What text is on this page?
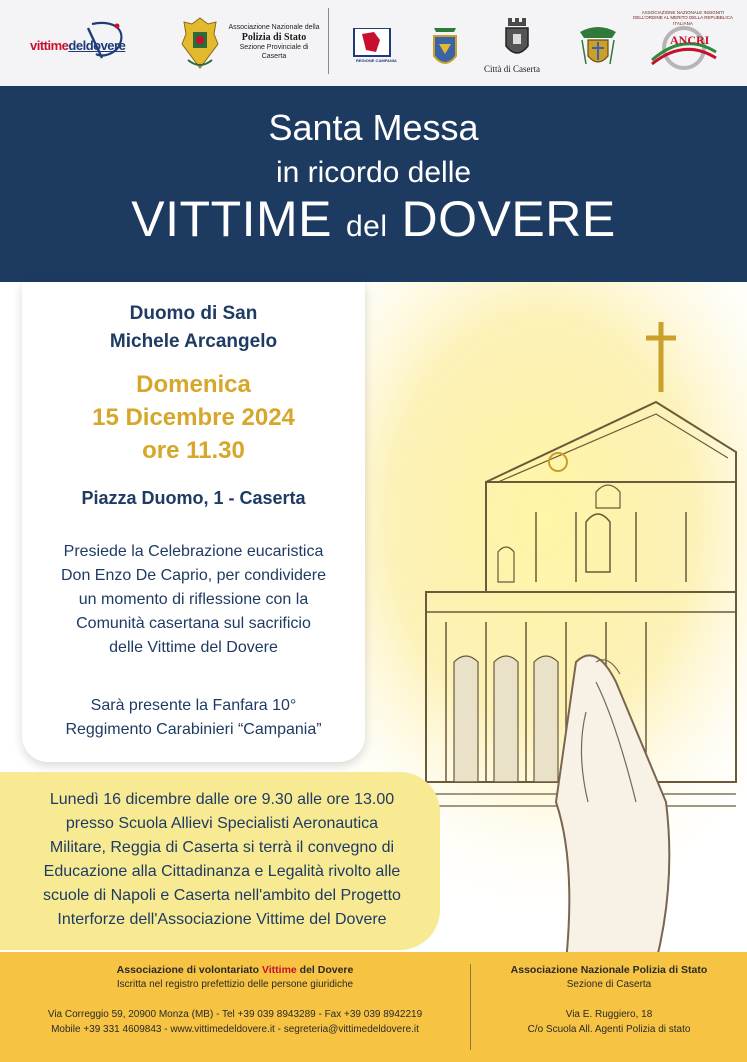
vittimedeldovere
Associazione Nazionale della
Polizia di Stato
Sezione Provinciale di Caserta
REGIONE CAMPANIA
Città di Caserta
ASSOCIAZIONE NAZIONALE INSIGNITI DELL'ORDINE AL MERITO DELLA REPUBBLICA ITALIANA
ANCRI
Santa Messa
in ricordo delle
VITTIME del DOVERE
Duomo di San
Michele Arcangelo
Domenica
15 Dicembre 2024
ore 11.30
Piazza Duomo, 1 - Caserta
Presiede la Celebrazione eucaristica
Don Enzo De Caprio, per condividere
un momento di riflessione con la
Comunità casertana sul sacrificio
delle Vittime del Dovere
Sarà presente la Fanfara 10°
Reggimento Carabinieri “Campania”
Lunedì 16 dicembre dalle ore 9.30 alle ore 13.00
presso Scuola Allievi Specialisti Aeronautica
Militare, Reggia di Caserta si terrà il convegno di
Educazione alla Cittadinanza e Legalità rivolto alle
scuole di Napoli e Caserta nell'ambito del Progetto
Interforze dell'Associazione Vittime del Dovere
Associazione di volontariato Vittime del Dovere
Iscritta nel registro prefettizio delle persone giuridiche
Via Correggio 59, 20900 Monza (MB) - Tel +39 039 8943289 - Fax +39 039 8942219
Mobile +39 331 4609843 - www.vittimedeldovere.it - segreteria@vittimedeldovere.it
Associazione Nazionale Polizia di Stato
Sezione di Caserta
Via E. Ruggiero, 18
C/o Scuola All. Agenti Polizia di stato
